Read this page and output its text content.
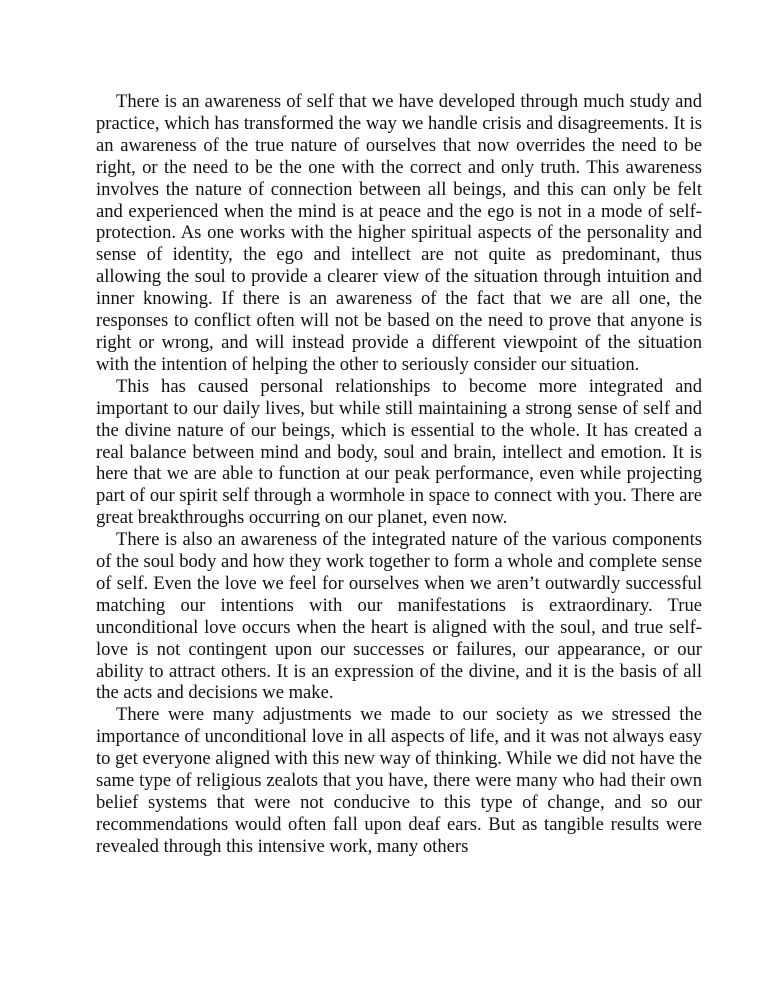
There is an awareness of self that we have developed through much study and practice, which has transformed the way we handle crisis and disagreements. It is an awareness of the true nature of ourselves that now overrides the need to be right, or the need to be the one with the correct and only truth. This awareness involves the nature of connection between all beings, and this can only be felt and experienced when the mind is at peace and the ego is not in a mode of self-protection. As one works with the higher spiritual aspects of the personality and sense of identity, the ego and intellect are not quite as predominant, thus allowing the soul to provide a clearer view of the situation through intuition and inner knowing. If there is an awareness of the fact that we are all one, the responses to conflict often will not be based on the need to prove that anyone is right or wrong, and will instead provide a different viewpoint of the situation with the intention of helping the other to seriously consider our situation.

This has caused personal relationships to become more integrated and important to our daily lives, but while still maintaining a strong sense of self and the divine nature of our beings, which is essential to the whole. It has created a real balance between mind and body, soul and brain, intellect and emotion. It is here that we are able to function at our peak performance, even while projecting part of our spirit self through a wormhole in space to connect with you. There are great breakthroughs occurring on our planet, even now.

There is also an awareness of the integrated nature of the various components of the soul body and how they work together to form a whole and complete sense of self. Even the love we feel for ourselves when we aren’t outwardly successful matching our intentions with our manifestations is extraordinary. True unconditional love occurs when the heart is aligned with the soul, and true self-love is not contingent upon our successes or failures, our appearance, or our ability to attract others. It is an expression of the divine, and it is the basis of all the acts and decisions we make.

There were many adjustments we made to our society as we stressed the importance of unconditional love in all aspects of life, and it was not always easy to get everyone aligned with this new way of thinking. While we did not have the same type of religious zealots that you have, there were many who had their own belief systems that were not conducive to this type of change, and so our recommendations would often fall upon deaf ears. But as tangible results were revealed through this intensive work, many others
